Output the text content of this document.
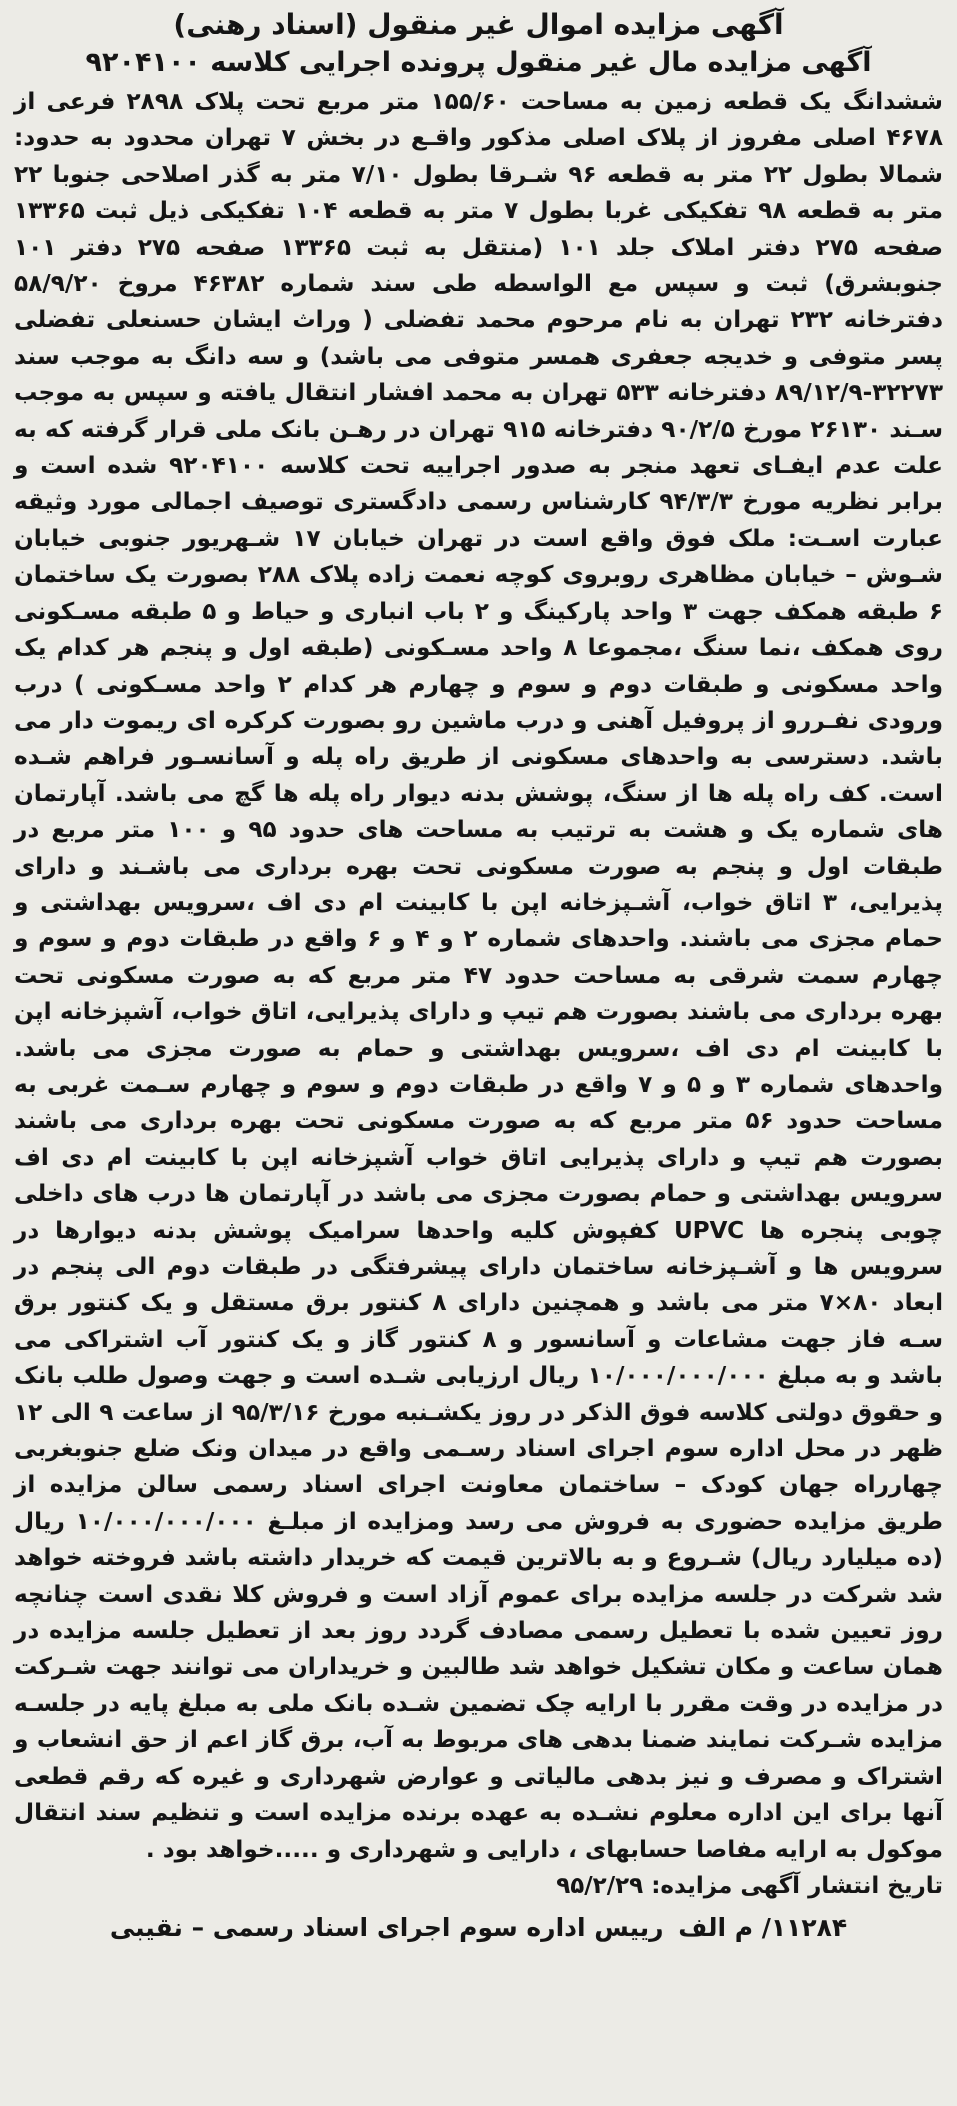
آگهی مزایده اموال غیر منقول (اسناد رهنی)
آگهی مزایده مال غیر منقول پرونده اجرایی کلاسه ۹۲۰۴۱۰۰

ششدانگ یک قطعه زمین به مساحت ۱۵۵/۶۰ متر مربع تحت پلاک ۲۸۹۸ فرعی از ۴۶۷۸ اصلی مفروز از پلاک اصلی مذکور واقـع در بخش ۷ تهران محدود به حدود: شمالا بطول ۲۲ متر به قطعه ۹۶ شـرقا بطول ۷/۱۰ متر به گذر اصلاحی جنوبا ۲۲ متر به قطعه ۹۸ تفکیکی غربا بطول ۷ متر به قطعه ۱۰۴ تفکیکی ذیل ثبت ۱۳۳۶۵ صفحه ۲۷۵ دفتر املاک جلد ۱۰۱ (منتقل به ثبت ۱۳۳۶۵ صفحه ۲۷۵ دفتر ۱۰۱ جنوبشرق) ثبت و سپس مع الواسطه طی سند شماره ۴۶۳۸۲ مروخ ۵۸/۹/۲۰ دفترخانه ۲۳۲ تهران به نام مرحوم محمد تفضلی ( وراث ایشان حسنعلی تفضلی پسر متوفی و خدیجه جعفری همسر متوفی می باشد) و سه دانگ به موجب سند ۳۲۲۷۳-۸۹/۱۲/۹ دفترخانه ۵۳۳ تهران به محمد افشار انتقال یافته و سپس به موجب سـند ۲۶۱۳۰ مورخ ۹۰/۲/۵ دفترخانه ۹۱۵ تهران در رهـن بانک ملی قرار گرفته که به علت عدم ایفـای تعهد منجر به صدور اجراییه تحت کلاسه ۹۲۰۴۱۰۰ شده است و برابر نظریه مورخ ۹۴/۳/۳ کارشناس رسمی دادگستری توصیف اجمالی مورد وثیقه عبارت اسـت: ملک فوق واقع است در تهران خیابان ۱۷ شـهریور جنوبی خیابان شـوش – خیابان مظاهری روبروی کوچه نعمت زاده پلاک ۲۸۸ بصورت یک ساختمان ۶ طبقه همکف جهت ۳ واحد پارکینگ و ۲ باب انباری و حیاط و ۵ طبقه مسـکونی روی همکف ،نما سنگ ،مجموعا ۸ واحد مسـکونی (طبقه اول و پنجم هر کدام یک واحد مسکونی و طبقات دوم و سوم و چهارم هر کدام ۲ واحد مسـکونی ) درب ورودی نفـررو از پروفیل آهنی و درب ماشین رو بصورت کرکره ای ریموت دار می باشد. دسترسی به واحدهای مسکونی از طریق راه پله و آسانسـور فراهم شـده است. کف راه پله ها از سنگ، پوشش بدنه دیوار راه پله ها گچ می باشد. آپارتمان های شماره یک و هشت به ترتیب به مساحت های حدود ۹۵ و ۱۰۰ متر مربع در طبقات اول و پنجم به صورت مسکونی تحت بهره برداری می باشـند و دارای پذیرایی، ۳ اتاق خواب، آشـپزخانه اپن با کابینت ام دی اف ،سرویس بهداشتی و حمام مجزی می باشند. واحدهای شماره ۲ و ۴ و ۶ واقع در طبقات دوم و سوم و چهارم سمت شرقی به مساحت حدود ۴۷ متر مربع که به صورت مسکونی تحت بهره برداری می باشند بصورت هم تیپ و دارای پذیرایی، اتاق خواب، آشپزخانه اپن با کابینت ام دی اف ،سرویس بهداشتی و حمام به صورت مجزی می باشد. واحدهای شماره ۳ و ۵ و ۷ واقع در طبقات دوم و سوم و چهارم سـمت غربی به مساحت حدود ۵۶ متر مربع که به صورت مسکونی تحت بهره برداری می باشند بصورت هم تیپ و دارای پذیرایی اتاق خواب آشپزخانه اپن با کابینت ام دی اف سرویس بهداشتی و حمام بصورت مجزی می باشد در آپارتمان ها درب های داخلی چوبی پنجره ها UPVC کفپوش کلیه واحدها سرامیک پوشش بدنه دیوارها در سرویس ها و آشـپزخانه ساختمان دارای پیشرفتگی در طبقات دوم الی پنجم در ابعاد ۸۰×۷ متر می باشد و همچنین دارای ۸ کنتور برق مستقل و یک کنتور برق سـه فاز جهت مشاعات و آسانسور و ۸ کنتور گاز و یک کنتور آب اشتراکی می باشد و به مبلغ ۱۰/۰۰۰/۰۰۰/۰۰۰ ریال ارزیابی شـده است و جهت وصول طلب بانک و حقوق دولتی کلاسه فوق الذکر در روز یکشـنبه مورخ ۹۵/۳/۱۶ از ساعت ۹ الی ۱۲ ظهر در محل اداره سوم اجرای اسناد رسـمی واقع در میدان ونک ضلع جنوبغربی چهارراه جهان کودک – ساختمان معاونت اجرای اسناد رسمی سالن مزایده از طریق مزایده حضوری به فروش می رسد ومزایده از مبلـغ ۱۰/۰۰۰/۰۰۰/۰۰۰ ریال (ده میلیارد ریال) شـروع و به بالاترین قیمت که خریدار داشته باشد فروخته خواهد شد شرکت در جلسه مزایده برای عموم آزاد است و فروش کلا نقدی است چنانچه روز تعیین شده با تعطیل رسمی مصادف گردد روز بعد از تعطیل جلسه مزایده در همان ساعت و مکان تشکیل خواهد شد طالبین و خریداران می توانند جهت شـرکت در مزایده در وقت مقرر با ارایه چک تضمین شـده بانک ملی به مبلغ پایه در جلسـه مزایده شـرکت نمایند ضمنا بدهی های مربوط به آب، برق گاز اعم از حق انشعاب و اشتراک و مصرف و نیز بدهی مالیاتی و عوارض شهرداری و غیره که رقم قطعی آنها برای این اداره معلوم نشـده به عهده برنده مزایده است و تنظیم سند انتقال موکول به ارایه مفاصا حسابهای ، دارایی و شهرداری و .....خواهد بود .

تاریخ انتشار آگهی مزایده: ۹۵/۲/۲۹

۱۱۲۸۴/ م الف رییس اداره سوم اجرای اسناد رسمی – نقیبی
